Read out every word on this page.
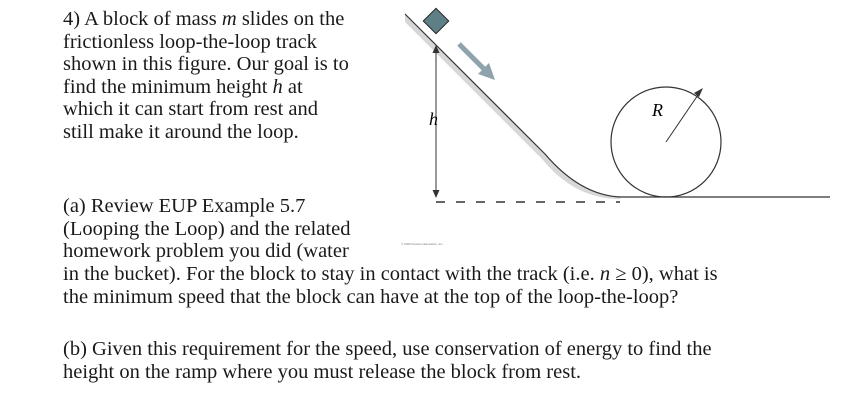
4) A block of mass m slides on the
frictionless loop-the-loop track
shown in this figure. Our goal is to
find the minimum height h at
which it can start from rest and
still make it around the loop.
(a) Review EUP Example 5.7
(Looping the Loop) and the related
homework problem you did (water
in the bucket). For the block to stay in contact with the track (i.e. n ≥ 0), what is
the minimum speed that the block can have at the top of the loop-the-loop?
(b) Given this requirement for the speed, use conservation of energy to find the
height on the ramp where you must release the block from rest.
R
h
© 2020 Pearson Education, Inc.
